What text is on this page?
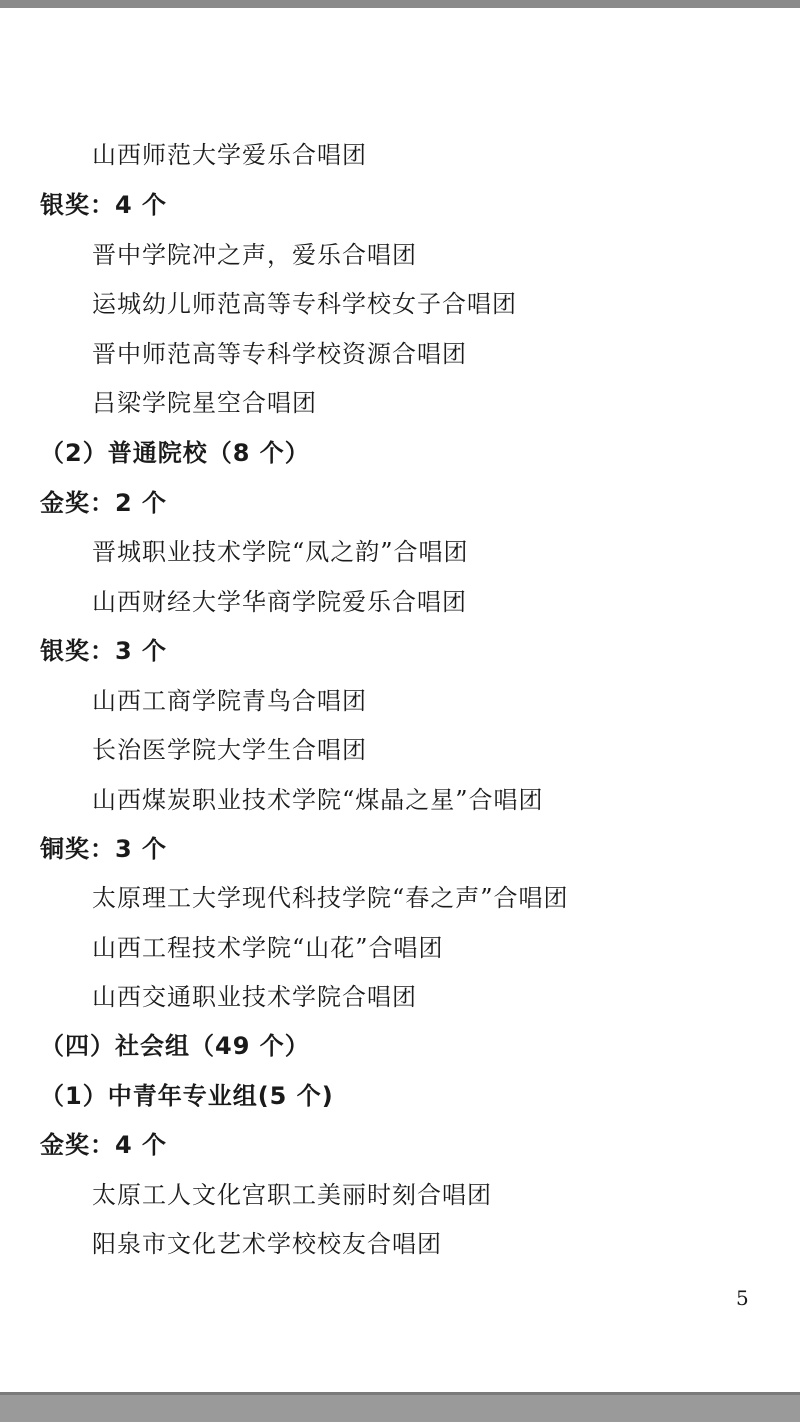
山西师范大学爱乐合唱团
银奖：4 个
晋中学院冲之声，爱乐合唱团
运城幼儿师范高等专科学校女子合唱团
晋中师范高等专科学校资源合唱团
吕梁学院星空合唱团
（2）普通院校（8 个）
金奖：2 个
晋城职业技术学院“凤之韵”合唱团
山西财经大学华商学院爱乐合唱团
银奖：3 个
山西工商学院青鸟合唱团
长治医学院大学生合唱团
山西煤炭职业技术学院“煤晶之星”合唱团
铜奖：3 个
太原理工大学现代科技学院“春之声”合唱团
山西工程技术学院“山花”合唱团
山西交通职业技术学院合唱团
（四）社会组（49 个）
（1）中青年专业组(5 个)
金奖：4 个
太原工人文化宫职工美丽时刻合唱团
阳泉市文化艺术学校校友合唱团
5
